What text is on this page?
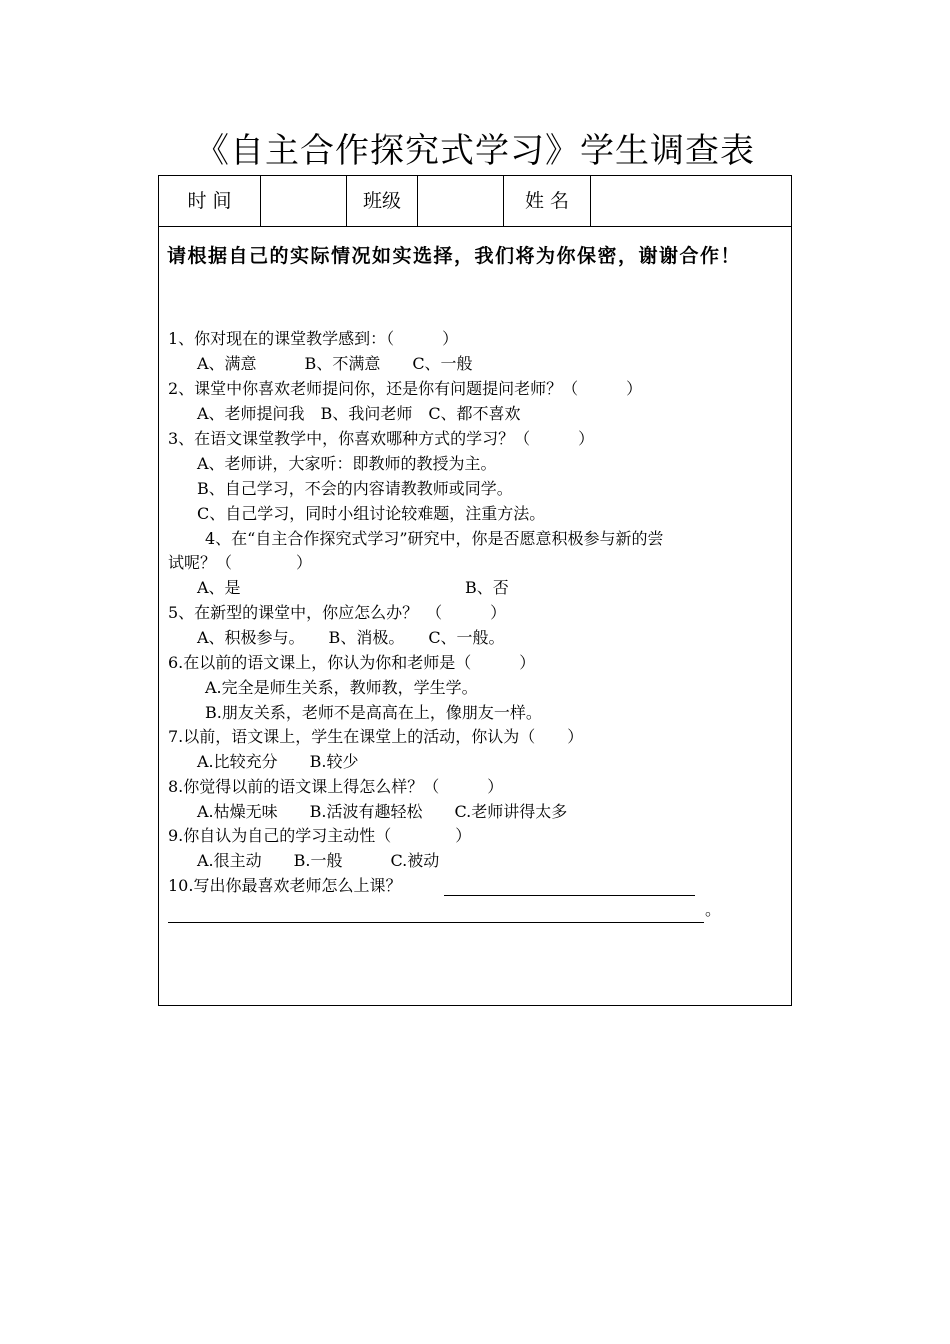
《自主合作探究式学习》学生调查表
时 间	班级	姓 名
请根据自己的实际情况如实选择，我们将为你保密，谢谢合作！
1、你对现在的课堂教学感到：（　　　）
A、满意　　　B、不满意　　C、一般
2、课堂中你喜欢老师提问你，还是你有问题提问老师？（　　　）
A、老师提问我　B、我问老师　C、都不喜欢
3、在语文课堂教学中，你喜欢哪种方式的学习？（　　　）
A、老师讲，大家听：即教师的教授为主。
B、自己学习，不会的内容请教教师或同学。
C、自己学习，同时小组讨论较难题，注重方法。
4、在“自主合作探究式学习”研究中，你是否愿意积极参与新的尝
试呢？（　　　　）
A、是	B、否
5、在新型的课堂中，你应怎么办？　（　　　）
A、积极参与。　　B、消极。　　C、一般。
6.在以前的语文课上，你认为你和老师是（　　　）
A.完全是师生关系，教师教，学生学。
B.朋友关系，老师不是高高在上，像朋友一样。
7.以前，语文课上，学生在课堂上的活动，你认为（　　）
A.比较充分　　B.较少
8.你觉得以前的语文课上得怎么样？（　　　）
A.枯燥无味　　B.活波有趣轻松　　C.老师讲得太多
9.你自认为自己的学习主动性（　　　　）
A.很主动　　B.一般　　　C.被动
10.写出你最喜欢老师怎么上课？
。
